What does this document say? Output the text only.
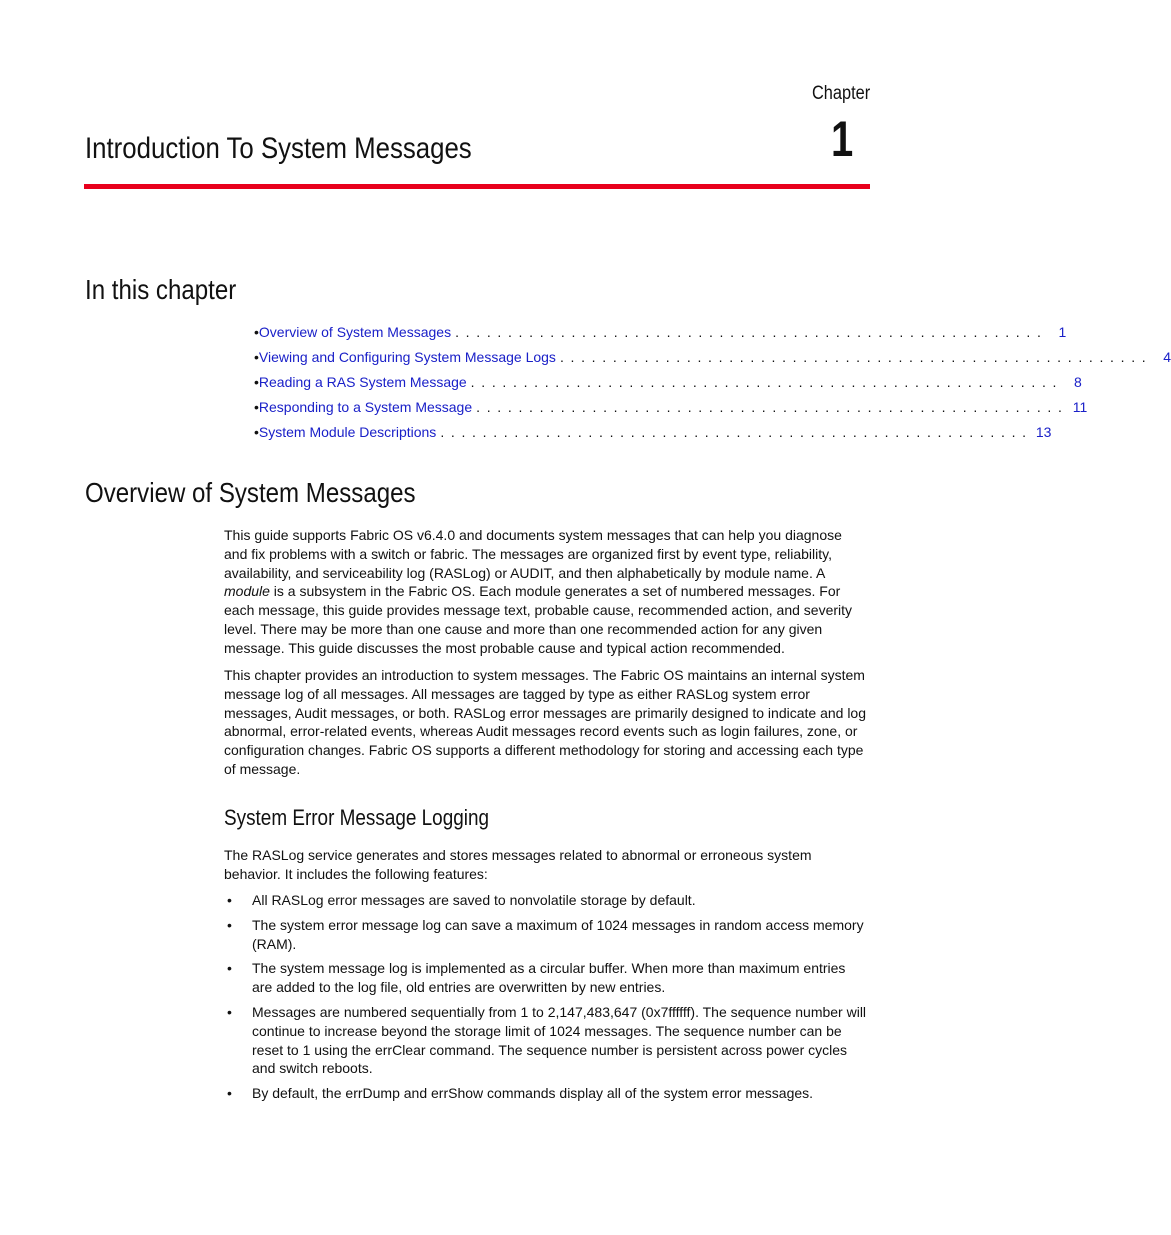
Chapter
1
Introduction To System Messages
In this chapter
• Overview of System Messages . . . . . . . . . . . . . . . . . . . . . . . . . . . . . . . . . . . . . . . . . . . . . . . . . . . . . . . .	1
• Viewing and Configuring System Message Logs . . . . . . . . . . . . . . . . . . . . . . . . . . . . . . . . . . . . . . . . . . . . . . . . . . . . . . . .	4
• Reading a RAS System Message . . . . . . . . . . . . . . . . . . . . . . . . . . . . . . . . . . . . . . . . . . . . . . . . . . . . . . . .	8
• Responding to a System Message . . . . . . . . . . . . . . . . . . . . . . . . . . . . . . . . . . . . . . . . . . . . . . . . . . . . . . . . 11
• System Module Descriptions . . . . . . . . . . . . . . . . . . . . . . . . . . . . . . . . . . . . . . . . . . . . . . . . . . . . . . . . 13
Overview of System Messages

This guide supports Fabric OS v6.4.0 and documents system messages that can help you diagnose and fix problems with a switch or fabric. The messages are organized first by event type, reliability, availability, and serviceability log (RASLog) or AUDIT, and then alphabetically by module name. A module is a subsystem in the Fabric OS. Each module generates a set of numbered messages. For each message, this guide provides message text, probable cause, recommended action, and severity level. There may be more than one cause and more than one recommended action for any given message. This guide discusses the most probable cause and typical action recommended.

This chapter provides an introduction to system messages. The Fabric OS maintains an internal system message log of all messages. All messages are tagged by type as either RASLog system error messages, Audit messages, or both. RASLog error messages are primarily designed to indicate and log abnormal, error-related events, whereas Audit messages record events such as login failures, zone, or configuration changes. Fabric OS supports a different methodology for storing and accessing each type of message.

System Error Message Logging

The RASLog service generates and stores messages related to abnormal or erroneous system behavior. It includes the following features:

• All RASLog error messages are saved to nonvolatile storage by default.
• The system error message log can save a maximum of 1024 messages in random access memory (RAM).
• The system message log is implemented as a circular buffer. When more than maximum entries are added to the log file, old entries are overwritten by new entries.
• Messages are numbered sequentially from 1 to 2,147,483,647 (0x7ffffff). The sequence number will continue to increase beyond the storage limit of 1024 messages. The sequence number can be reset to 1 using the errClear command. The sequence number is persistent across power cycles and switch reboots.
• By default, the errDump and errShow commands display all of the system error messages.
